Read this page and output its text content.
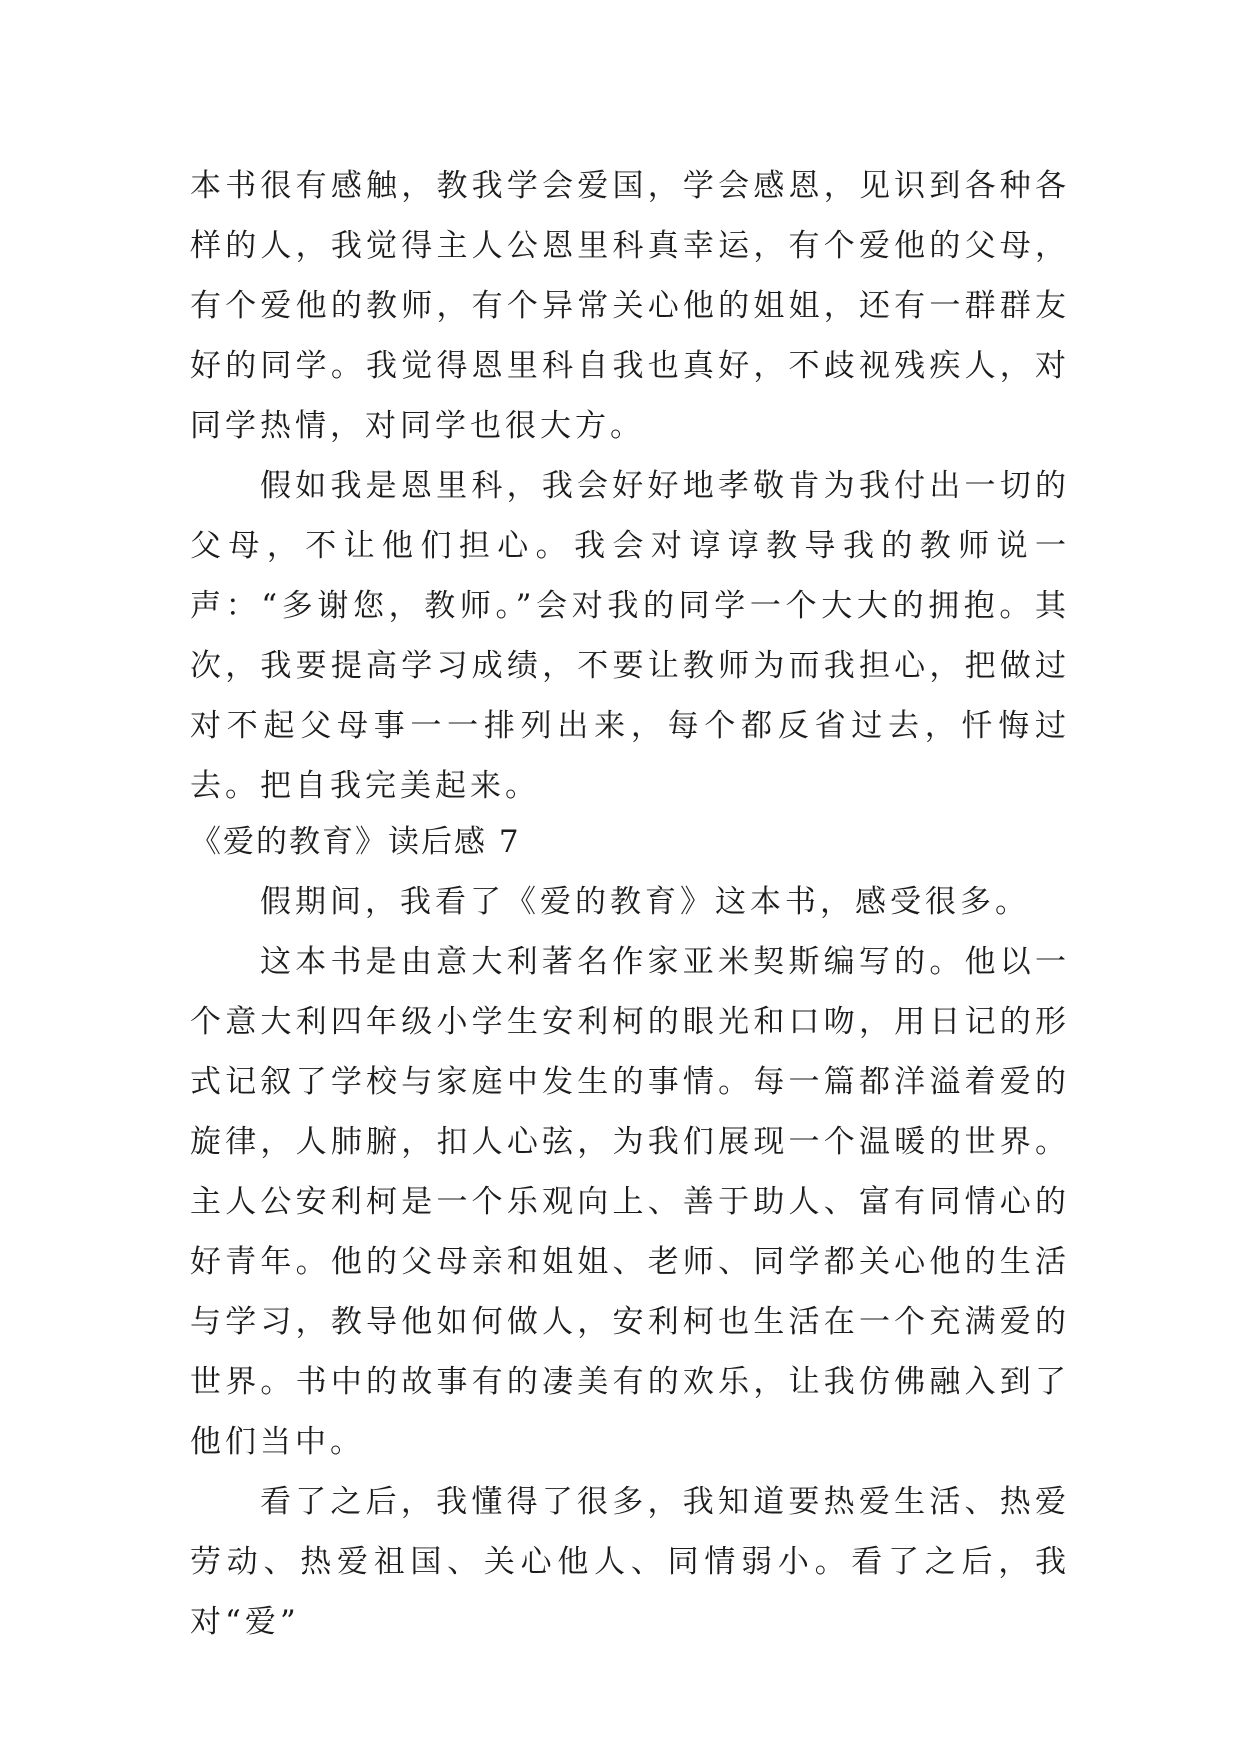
本书很有感触，教我学会爱国，学会感恩，见识到各种各样的人，我觉得主人公恩里科真幸运，有个爱他的父母，有个爱他的教师，有个异常关心他的姐姐，还有一群群友好的同学。我觉得恩里科自我也真好，不歧视残疾人，对同学热情，对同学也很大方。

假如我是恩里科，我会好好地孝敬肯为我付出一切的父母，不让他们担心。我会对谆谆教导我的教师说一声：“多谢您，教师。”会对我的同学一个大大的拥抱。其次，我要提高学习成绩，不要让教师为而我担心，把做过对不起父母事一一排列出来，每个都反省过去，忏悔过去。把自我完美起来。

《爱的教育》读后感 7

假期间，我看了《爱的教育》这本书，感受很多。

这本书是由意大利著名作家亚米契斯编写的。他以一个意大利四年级小学生安利柯的眼光和口吻，用日记的形式记叙了学校与家庭中发生的事情。每一篇都洋溢着爱的旋律，人肺腑，扣人心弦，为我们展现一个温暖的世界。主人公安利柯是一个乐观向上、善于助人、富有同情心的好青年。他的父母亲和姐姐、老师、同学都关心他的生活与学习，教导他如何做人，安利柯也生活在一个充满爱的世界。书中的故事有的凄美有的欢乐，让我仿佛融入到了他们当中。

看了之后，我懂得了很多，我知道要热爱生活、热爱劳动、热爱祖国、关心他人、同情弱小。看了之后，我对“爱”
